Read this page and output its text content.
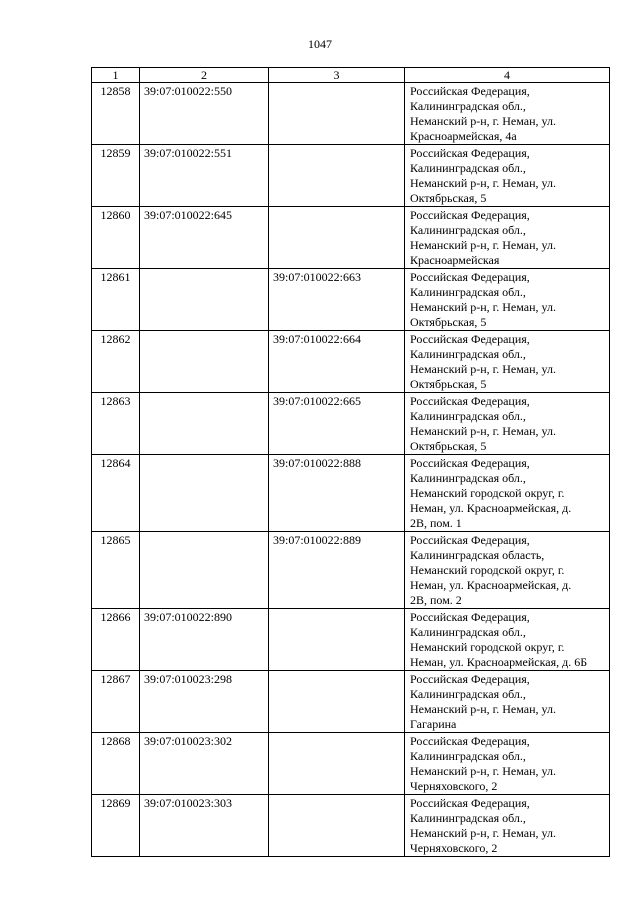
1047
1	2	3	4
12858	39:07:010022:550		Российская Федерация,
Калининградская обл.,
Неманский р-н, г. Неман, ул.
Красноармейская, 4а

12859	39:07:010022:551		Российская Федерация,
Калининградская обл.,
Неманский р-н, г. Неман, ул.
Октябрьская, 5

12860	39:07:010022:645		Российская Федерация,
Калининградская обл.,
Неманский р-н, г. Неман, ул.
Красноармейская

12861		39:07:010022:663	Российская Федерация,
Калининградская обл.,
Неманский р-н, г. Неман, ул.
Октябрьская, 5

12862		39:07:010022:664	Российская Федерация,
Калининградская обл.,
Неманский р-н, г. Неман, ул.
Октябрьская, 5

12863		39:07:010022:665	Российская Федерация,
Калининградская обл.,
Неманский р-н, г. Неман, ул.
Октябрьская, 5

12864		39:07:010022:888	Российская Федерация,
Калининградская обл.,
Неманский городской округ, г.
Неман, ул. Красноармейская, д.
2В, пом. 1

12865		39:07:010022:889	Российская Федерация,
Калининградская область,
Неманский городской округ, г.
Неман, ул. Красноармейская, д.
2В, пом. 2

12866	39:07:010022:890		Российская Федерация,
Калининградская обл.,
Неманский городской округ, г.
Неман, ул. Красноармейская, д. 6Б

12867	39:07:010023:298		Российская Федерация,
Калининградская обл.,
Неманский р-н, г. Неман, ул.
Гагарина

12868	39:07:010023:302		Российская Федерация,
Калининградская обл.,
Неманский р-н, г. Неман, ул.
Черняховского, 2

12869	39:07:010023:303		Российская Федерация,
Калининградская обл.,
Неманский р-н, г. Неман, ул.
Черняховского, 2
